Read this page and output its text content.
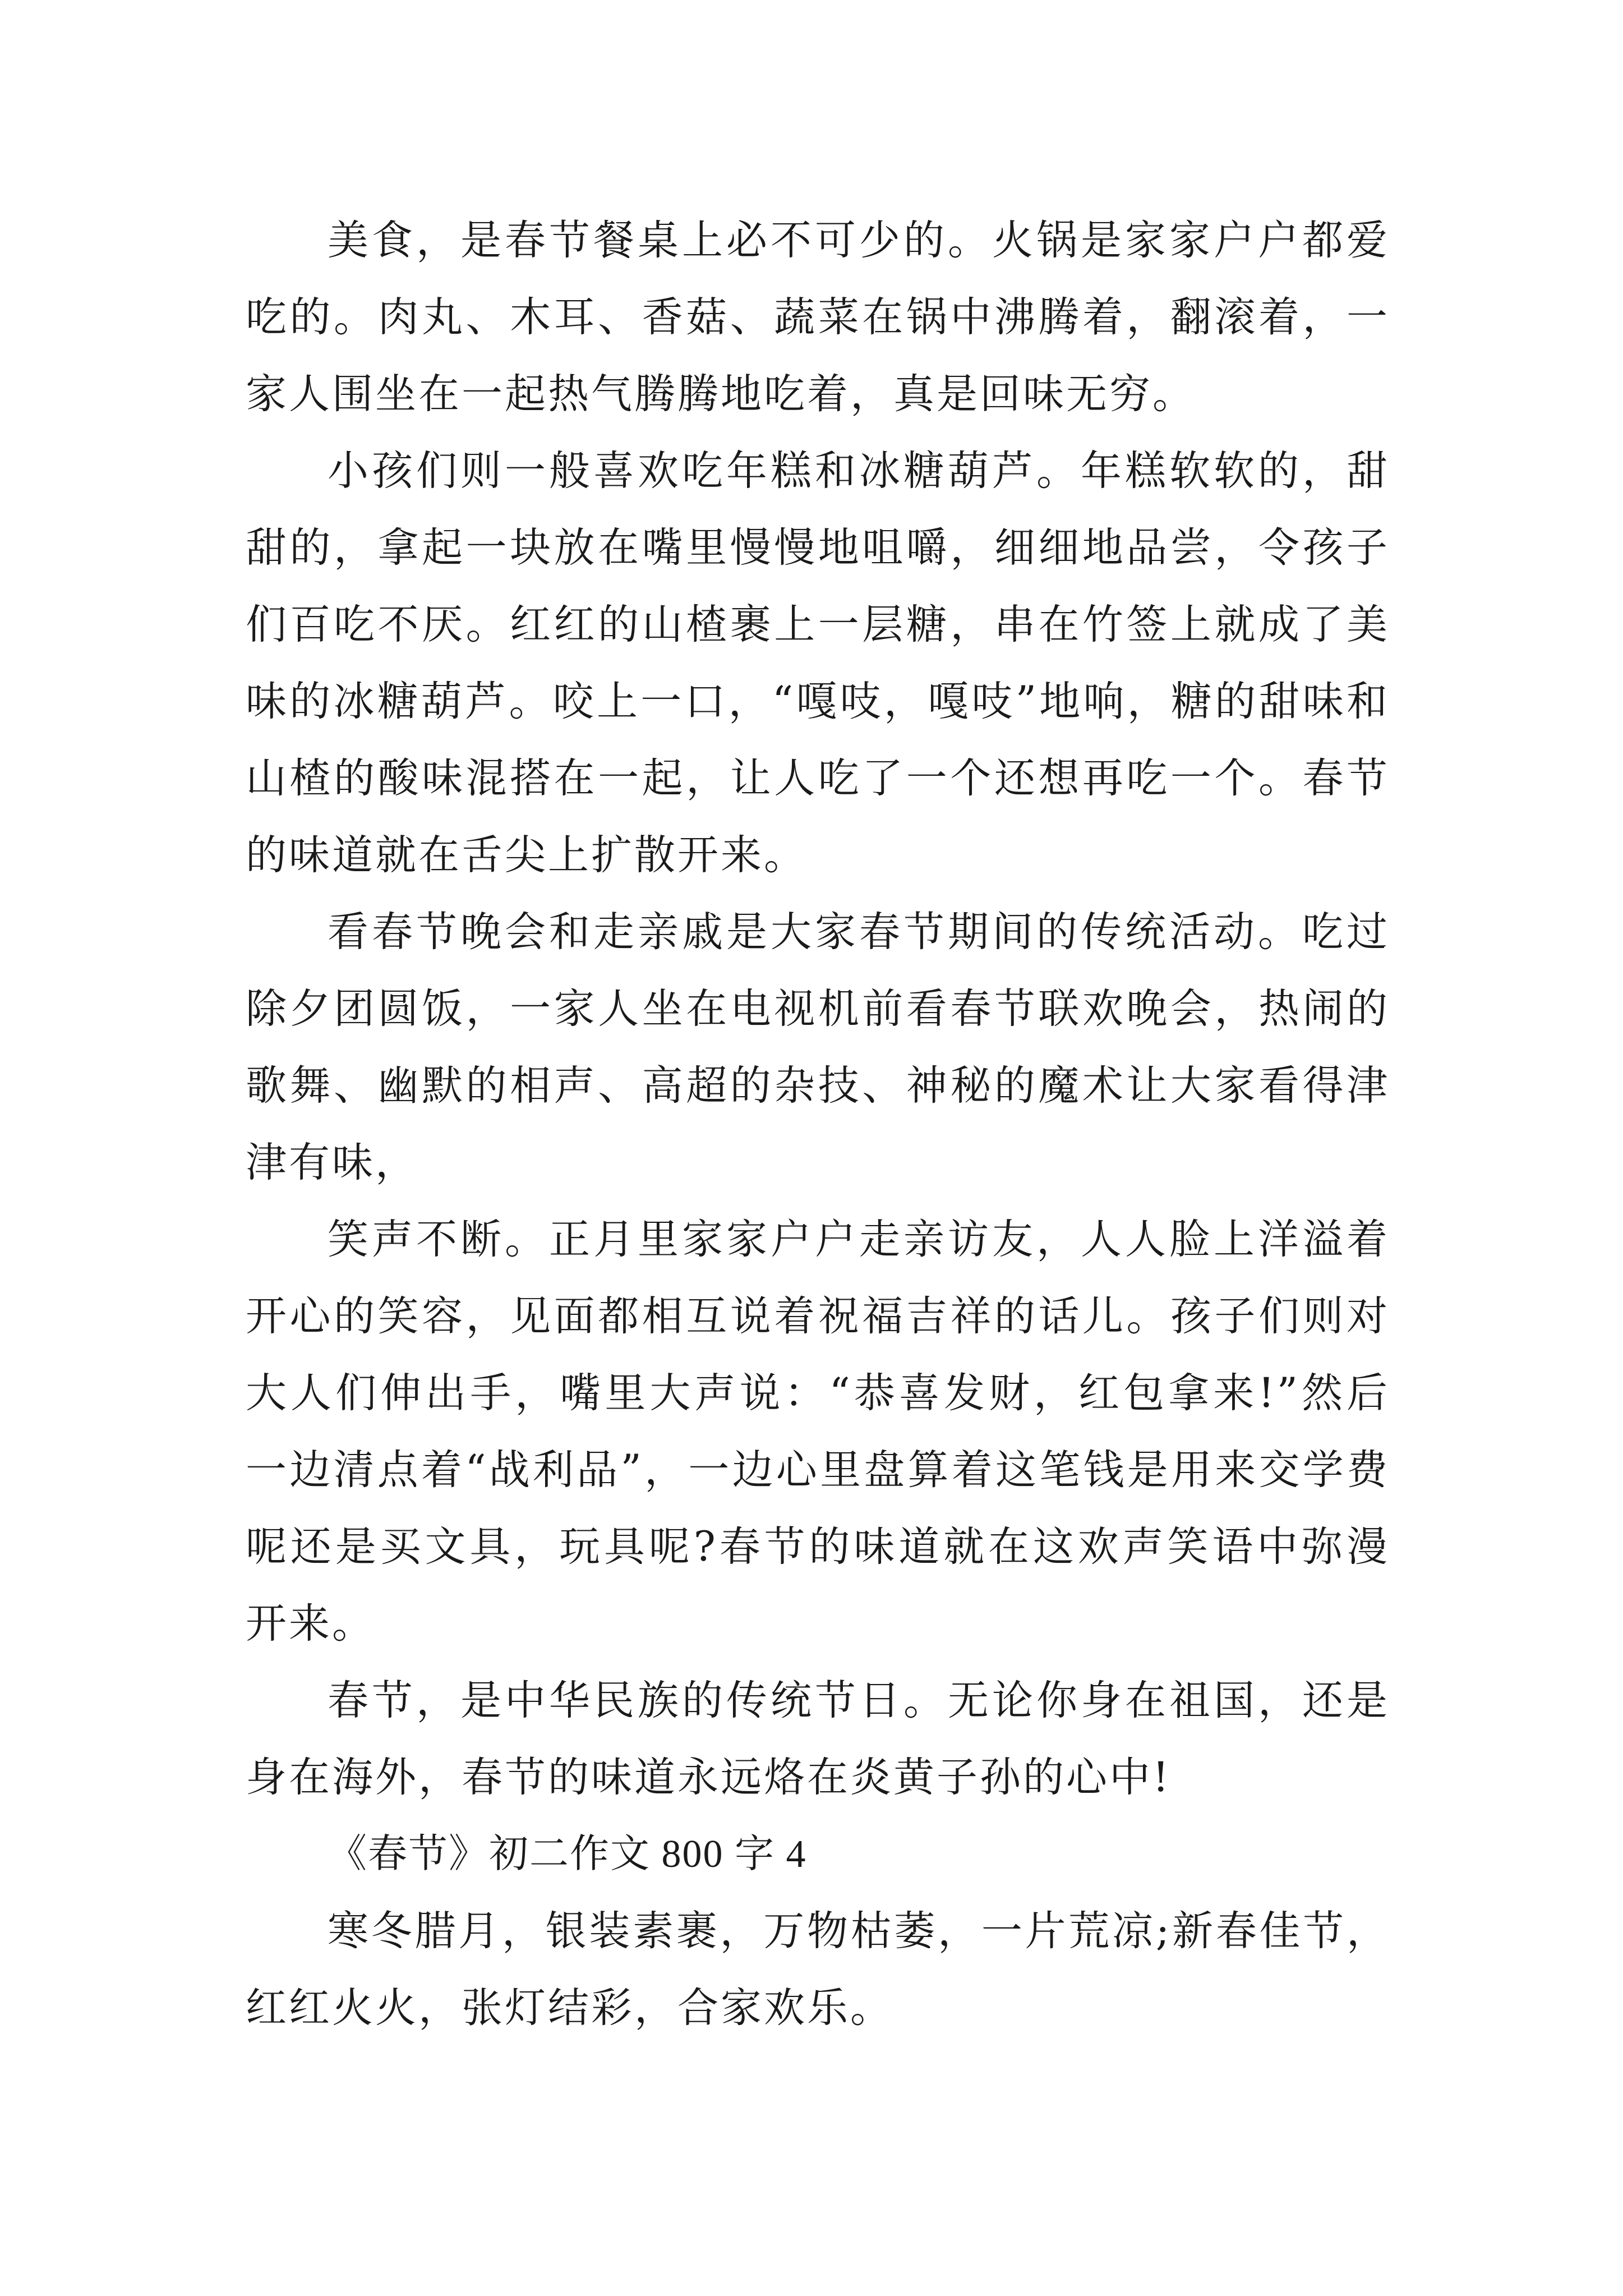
美食，是春节餐桌上必不可少的。火锅是家家户户都爱吃的。肉丸、木耳、香菇、蔬菜在锅中沸腾着，翻滚着，一家人围坐在一起热气腾腾地吃着，真是回味无穷。

小孩们则一般喜欢吃年糕和冰糖葫芦。年糕软软的，甜甜的，拿起一块放在嘴里慢慢地咀嚼，细细地品尝，令孩子们百吃不厌。红红的山楂裹上一层糖，串在竹签上就成了美味的冰糖葫芦。咬上一口，“嘎吱，嘎吱”地响，糖的甜味和山楂的酸味混搭在一起，让人吃了一个还想再吃一个。春节的味道就在舌尖上扩散开来。

看春节晚会和走亲戚是大家春节期间的传统活动。吃过除夕团圆饭，一家人坐在电视机前看春节联欢晚会，热闹的歌舞、幽默的相声、高超的杂技、神秘的魔术让大家看得津津有味，

笑声不断。正月里家家户户走亲访友，人人脸上洋溢着开心的笑容，见面都相互说着祝福吉祥的话儿。孩子们则对大人们伸出手，嘴里大声说：“恭喜发财，红包拿来!”然后一边清点着“战利品”，一边心里盘算着这笔钱是用来交学费呢还是买文具，玩具呢?春节的味道就在这欢声笑语中弥漫开来。

春节，是中华民族的传统节日。无论你身在祖国，还是身在海外，春节的味道永远烙在炎黄子孙的心中!

《春节》初二作文 800 字 4

寒冬腊月，银装素裹，万物枯萎，一片荒凉;新春佳节，红红火火，张灯结彩，合家欢乐。
